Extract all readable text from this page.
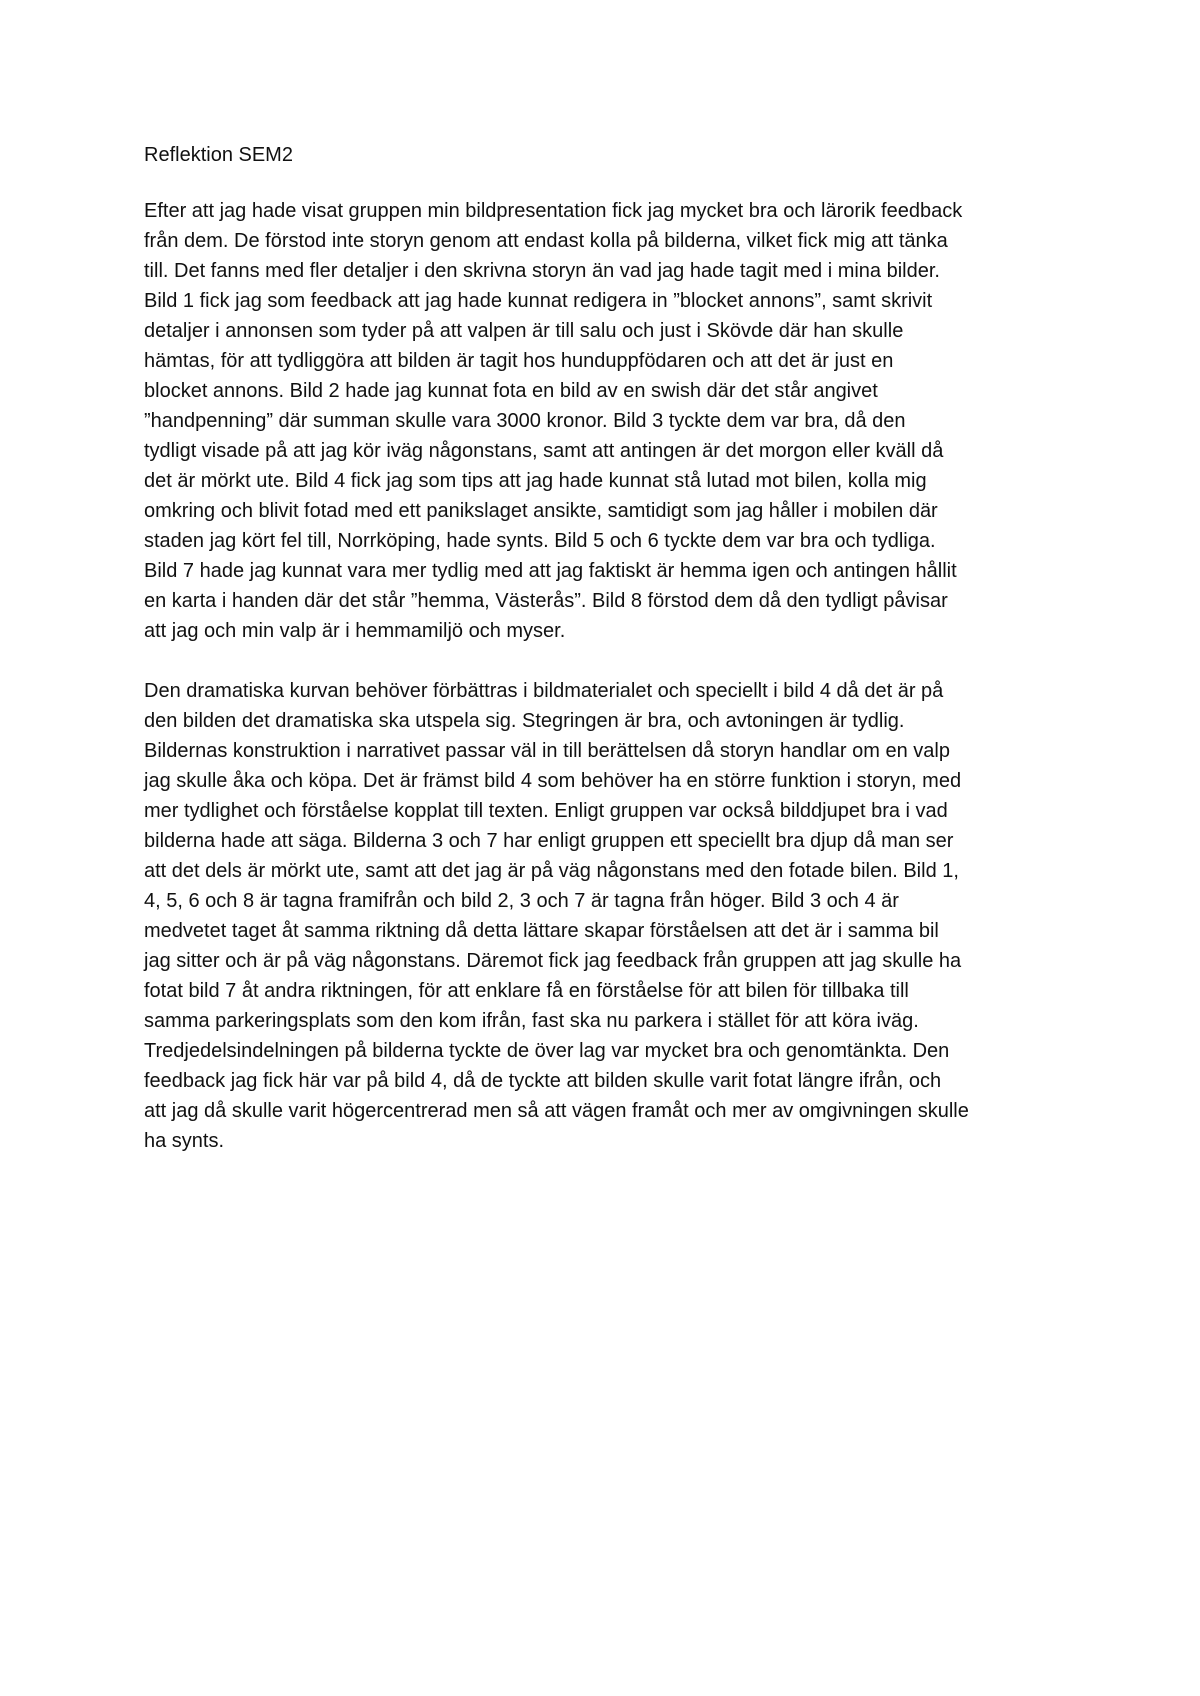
Reflektion SEM2

Efter att jag hade visat gruppen min bildpresentation fick jag mycket bra och lärorik feedback
från dem. De förstod inte storyn genom att endast kolla på bilderna, vilket fick mig att tänka
till. Det fanns med fler detaljer i den skrivna storyn än vad jag hade tagit med i mina bilder.
Bild 1 fick jag som feedback att jag hade kunnat redigera in ”blocket annons”, samt skrivit
detaljer i annonsen som tyder på att valpen är till salu och just i Skövde där han skulle
hämtas, för att tydliggöra att bilden är tagit hos hunduppfödaren och att det är just en
blocket annons. Bild 2 hade jag kunnat fota en bild av en swish där det står angivet
”handpenning” där summan skulle vara 3000 kronor. Bild 3 tyckte dem var bra, då den
tydligt visade på att jag kör iväg någonstans, samt att antingen är det morgon eller kväll då
det är mörkt ute. Bild 4 fick jag som tips att jag hade kunnat stå lutad mot bilen, kolla mig
omkring och blivit fotad med ett panikslaget ansikte, samtidigt som jag håller i mobilen där
staden jag kört fel till, Norrköping, hade synts. Bild 5 och 6 tyckte dem var bra och tydliga.
Bild 7 hade jag kunnat vara mer tydlig med att jag faktiskt är hemma igen och antingen hållit
en karta i handen där det står ”hemma, Västerås”. Bild 8 förstod dem då den tydligt påvisar
att jag och min valp är i hemmamiljö och myser.

Den dramatiska kurvan behöver förbättras i bildmaterialet och speciellt i bild 4 då det är på
den bilden det dramatiska ska utspela sig. Stegringen är bra, och avtoningen är tydlig.
Bildernas konstruktion i narrativet passar väl in till berättelsen då storyn handlar om en valp
jag skulle åka och köpa. Det är främst bild 4 som behöver ha en större funktion i storyn, med
mer tydlighet och förståelse kopplat till texten. Enligt gruppen var också bilddjupet bra i vad
bilderna hade att säga. Bilderna 3 och 7 har enligt gruppen ett speciellt bra djup då man ser
att det dels är mörkt ute, samt att det jag är på väg någonstans med den fotade bilen. Bild 1,
4, 5, 6 och 8 är tagna framifrån och bild 2, 3 och 7 är tagna från höger. Bild 3 och 4 är
medvetet taget åt samma riktning då detta lättare skapar förståelsen att det är i samma bil
jag sitter och är på väg någonstans. Däremot fick jag feedback från gruppen att jag skulle ha
fotat bild 7 åt andra riktningen, för att enklare få en förståelse för att bilen för tillbaka till
samma parkeringsplats som den kom ifrån, fast ska nu parkera i stället för att köra iväg.
Tredjedelsindelningen på bilderna tyckte de över lag var mycket bra och genomtänkta. Den
feedback jag fick här var på bild 4, då de tyckte att bilden skulle varit fotat längre ifrån, och
att jag då skulle varit högercentrerad men så att vägen framåt och mer av omgivningen skulle
ha synts.
